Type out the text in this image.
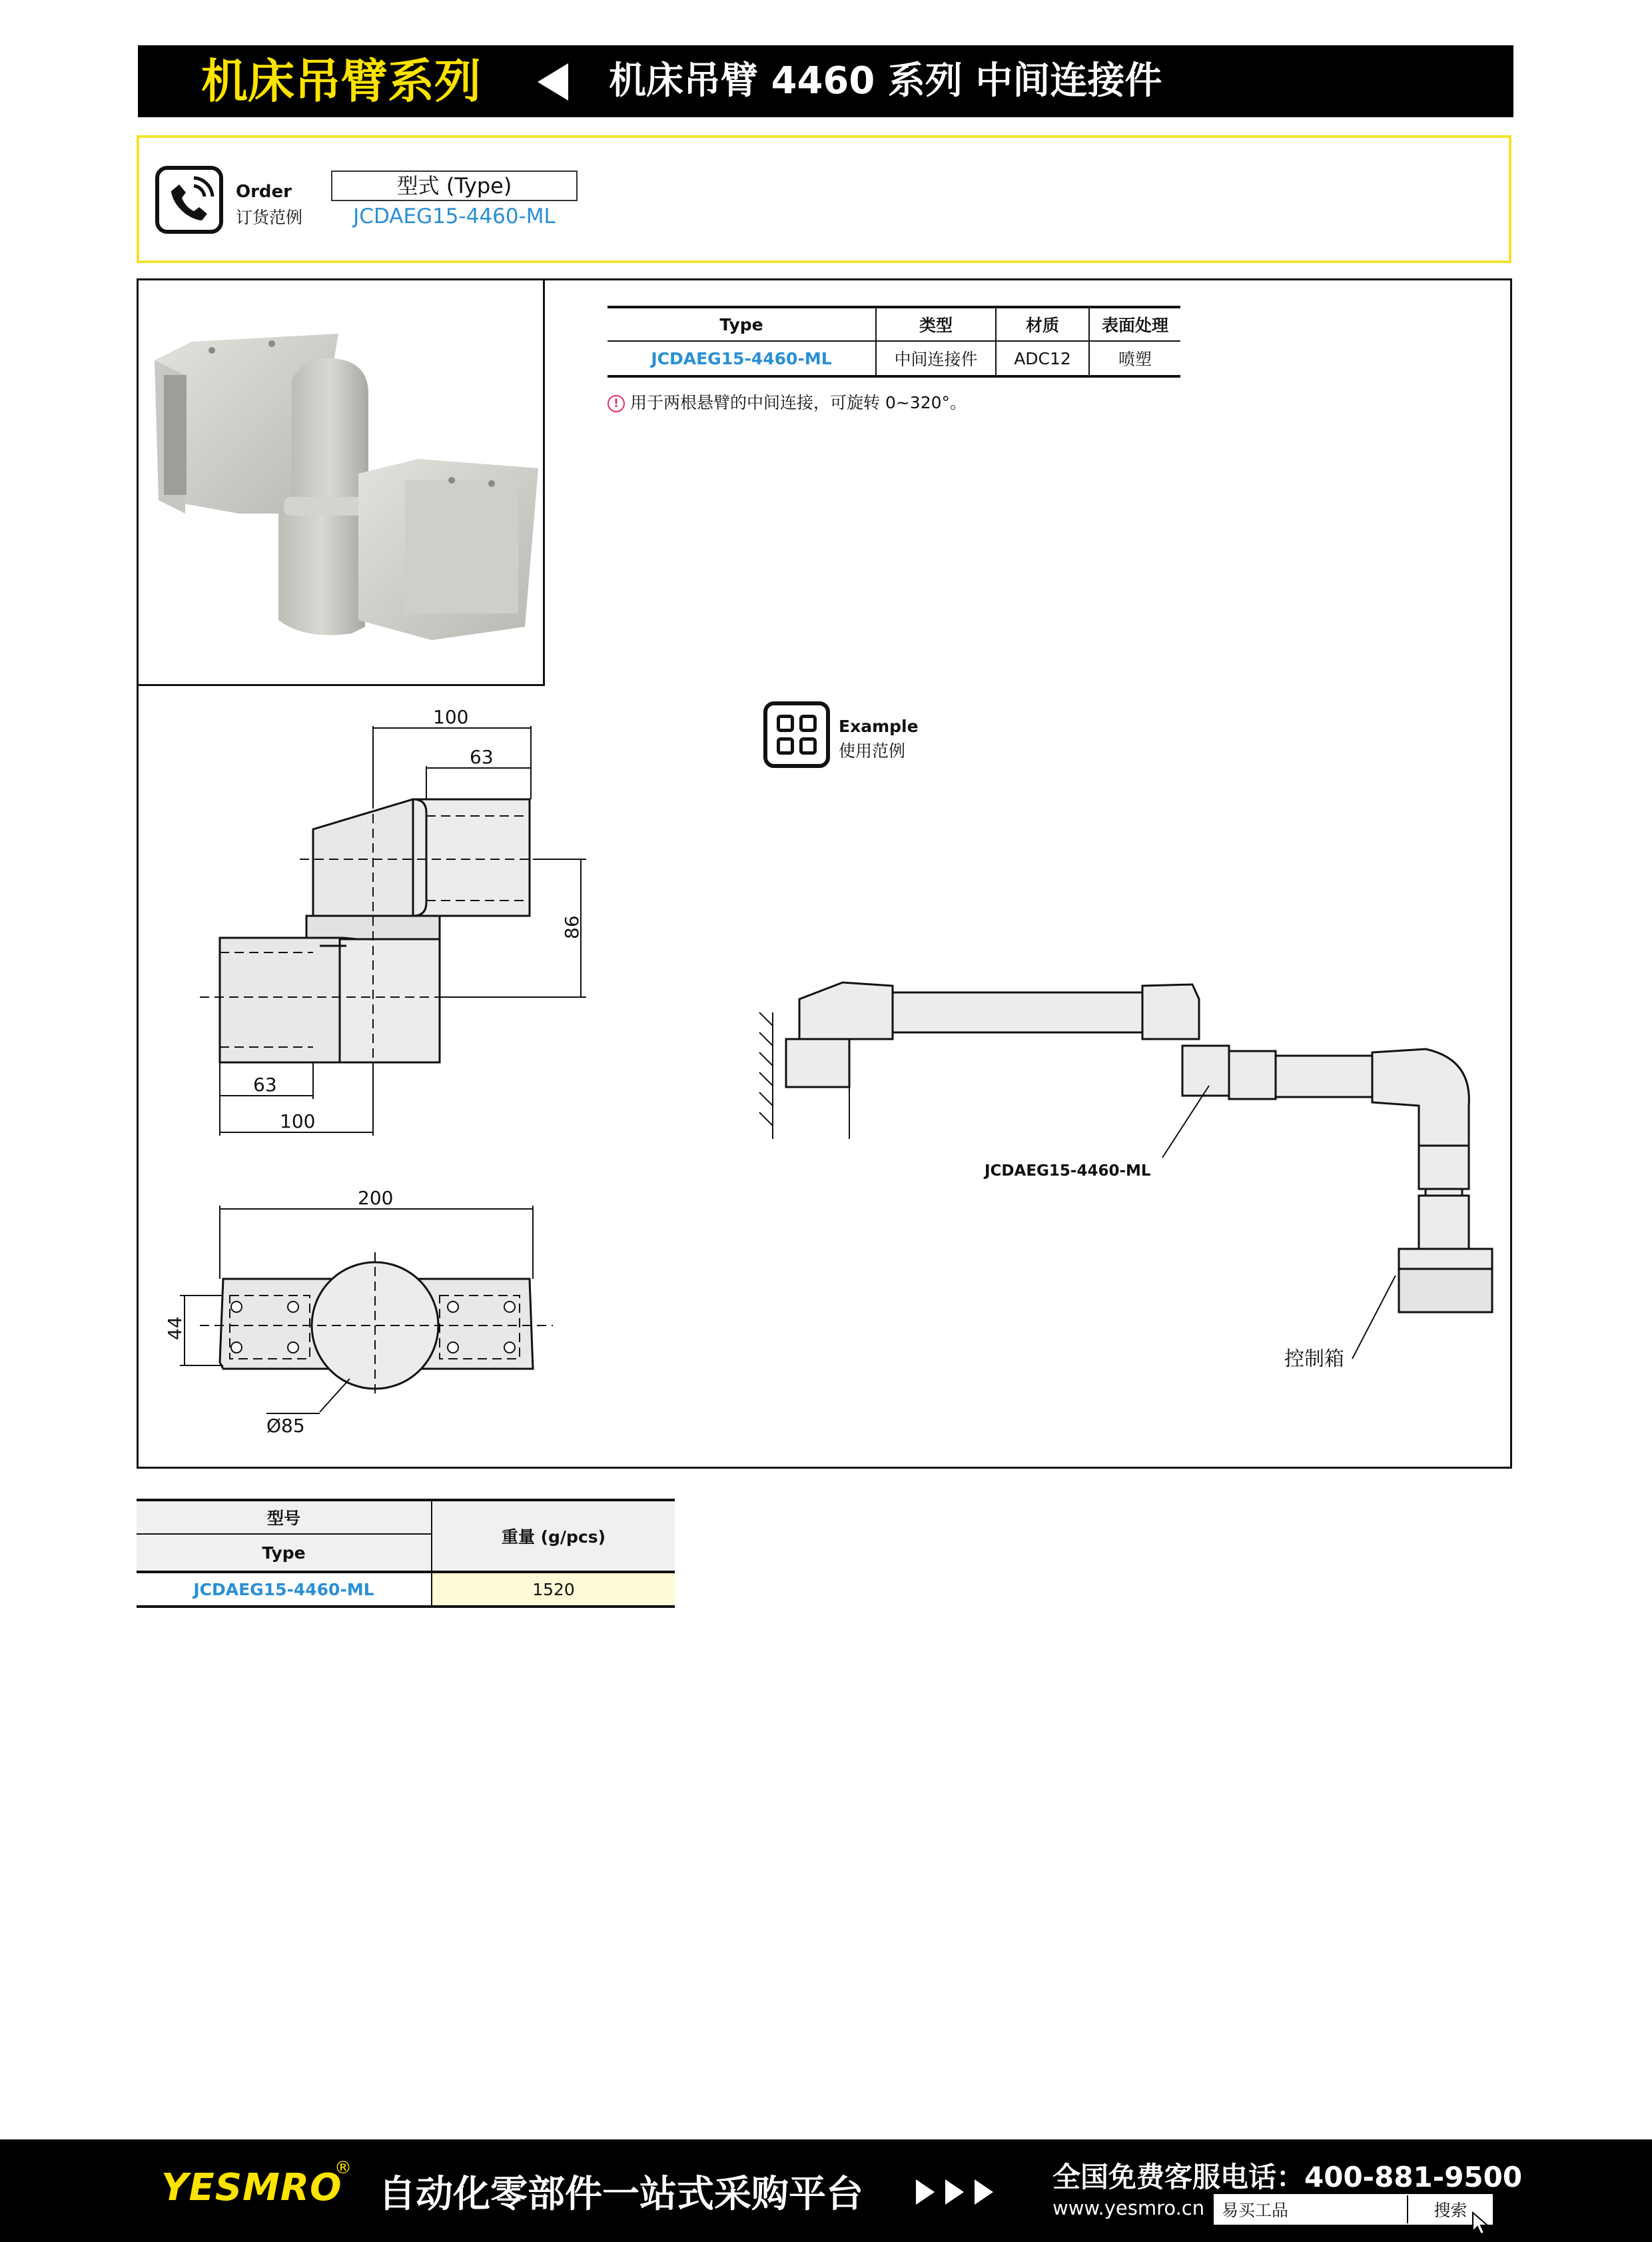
机床吊臂系列	机床吊臂 4460 系列 中间连接件
Order
订货范例
型式 (Type)
JCDAEG15-4460-ML
Type	类型	材质	表面处理
JCDAEG15-4460-ML	中间连接件	ADC12	喷塑
! 用于两根悬臂的中间连接，可旋转 0~320°。
Example
使用范例
100
63
86
63
100
200
44
Ø85
JCDAEG15-4460-ML
控制箱
型号	重量 (g/pcs)
Type	
JCDAEG15-4460-ML	1520
YESMRO
®
自动化零部件一站式采购平台	全国免费客服电话：400-881-9500
www.yesmro.cn
易买工品	搜索
